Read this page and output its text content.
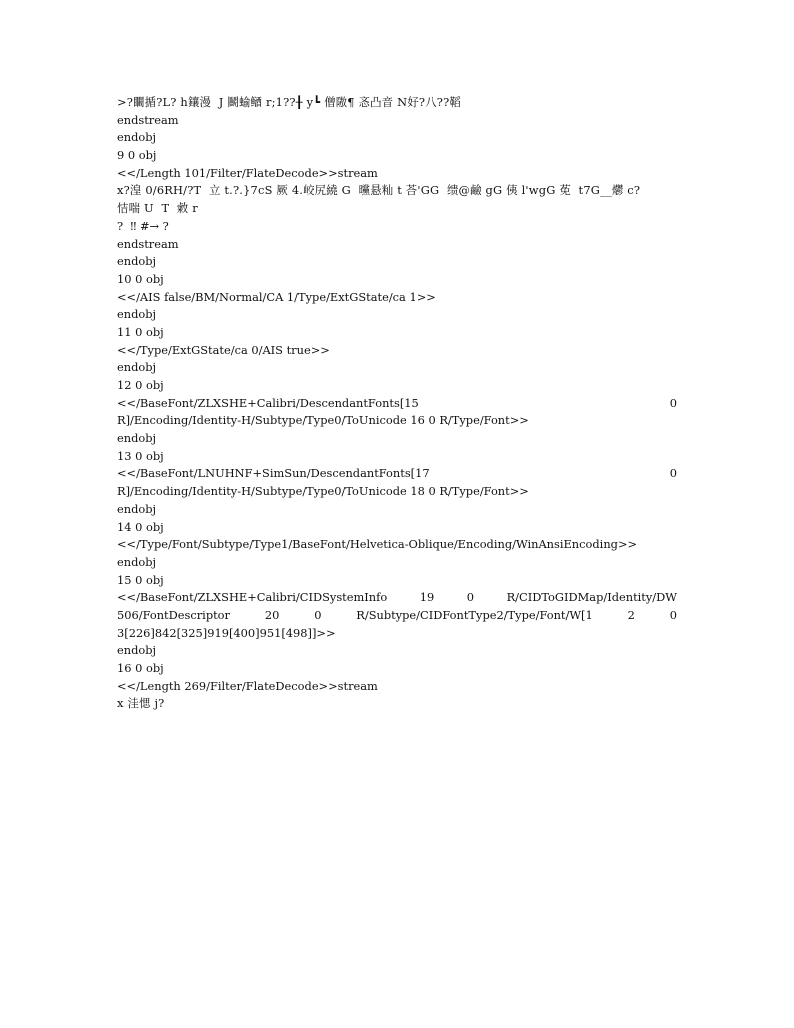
>?矙揗?L? h鑲漫  J 鬭蝓䲤 r;1??╂ y┗ 僧隞¶ 忞凸音 N好?八??鞱
endstream
endobj
9 0 obj
<</Length 101/Filter/FlateDecode>>stream
x?湟 0/6RH/?T  立 t.?.}7cS 厥 4.峧尻繞 G  曭悬籼 t 荅'GG  缋@鹼 gG 侇 l'wgG 莬  t7G__爩 c?
恄喘 U  T  敹 r
?  ‼ #→ ?
endstream
endobj
10 0 obj
<</AIS false/BM/Normal/CA 1/Type/ExtGState/ca 1>>
endobj
11 0 obj
<</Type/ExtGState/ca 0/AIS true>>
endobj
12 0 obj
<</BaseFont/ZLXSHE+Calibri/DescendantFonts[15	0
R]/Encoding/Identity-H/Subtype/Type0/ToUnicode 16 0 R/Type/Font>>
endobj
13 0 obj
<</BaseFont/LNUHNF+SimSun/DescendantFonts[17	0
R]/Encoding/Identity-H/Subtype/Type0/ToUnicode 18 0 R/Type/Font>>
endobj
14 0 obj
<</Type/Font/Subtype/Type1/BaseFont/Helvetica-Oblique/Encoding/WinAnsiEncoding>>
endobj
15 0 obj
<</BaseFont/ZLXSHE+Calibri/CIDSystemInfo	19	0	R/CIDToGIDMap/Identity/DW
506/FontDescriptor	20	0	R/Subtype/CIDFontType2/Type/Font/W[1	2	0
3[226]842[325]919[400]951[498]]>>
endobj
16 0 obj
<</Length 269/Filter/FlateDecode>>stream
x 洼愢 j?
